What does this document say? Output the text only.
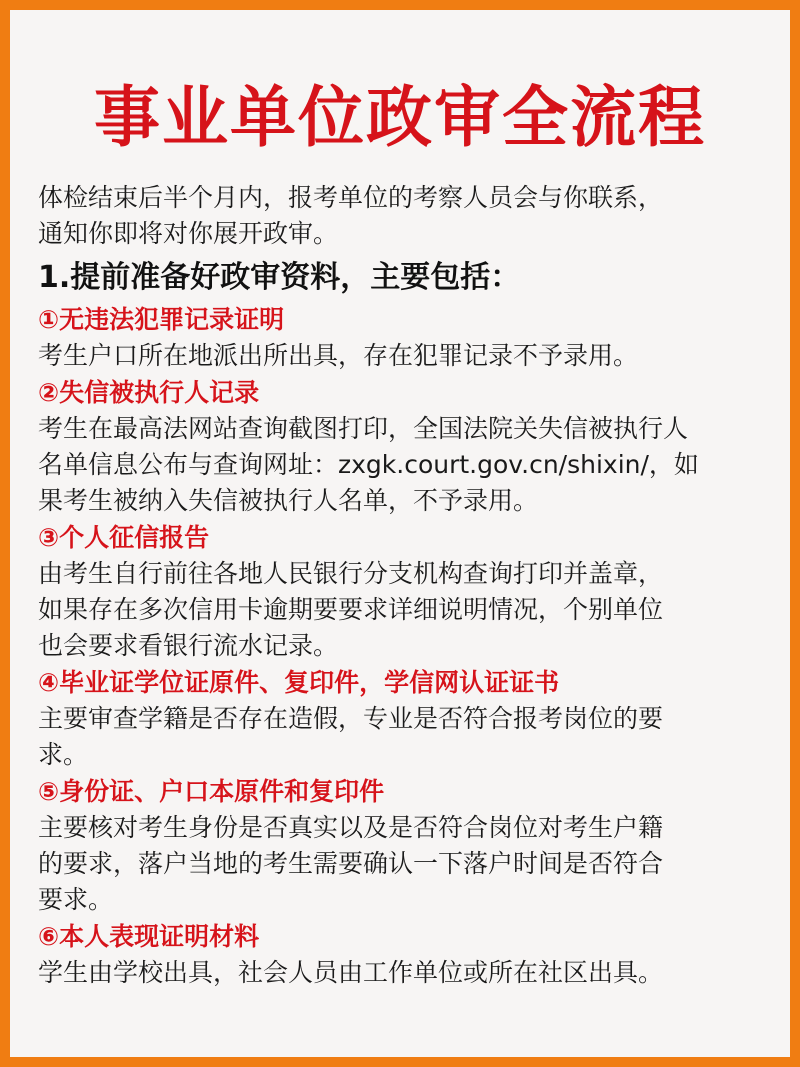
事业单位政审全流程

体检结束后半个月内，报考单位的考察人员会与你联系，

通知你即将对你展开政审。

1.提前准备好政审资料，主要包括：

①无违法犯罪记录证明

考生户口所在地派出所出具，存在犯罪记录不予录用。

②失信被执行人记录

考生在最高法网站查询截图打印，全国法院关失信被执行人

名单信息公布与查询网址：zxgk.court.gov.cn/shixin/，如

果考生被纳入失信被执行人名单，不予录用。

③个人征信报告

由考生自行前往各地人民银行分支机构查询打印并盖章，

如果存在多次信用卡逾期要要求详细说明情况，个别单位

也会要求看银行流水记录。

④毕业证学位证原件、复印件，学信网认证证书

主要审查学籍是否存在造假，专业是否符合报考岗位的要

求。

⑤身份证、户口本原件和复印件

主要核对考生身份是否真实以及是否符合岗位对考生户籍

的要求，落户当地的考生需要确认一下落户时间是否符合

要求。

⑥本人表现证明材料

学生由学校出具，社会人员由工作单位或所在社区出具。
